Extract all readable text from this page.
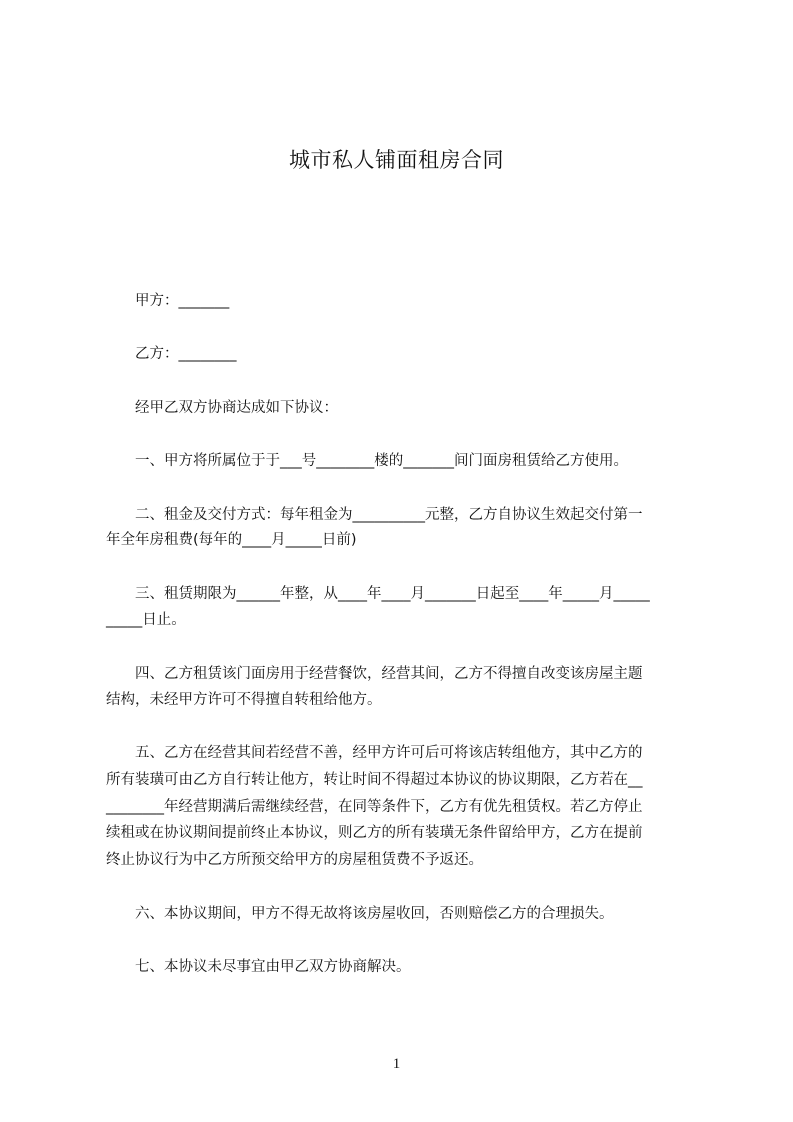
城市私人铺面租房合同
甲方：_______
乙方：________
经甲乙双方协商达成如下协议：
一、甲方将所属位于于___号________楼的_______间门面房租赁给乙方使用。
二、租金及交付方式：每年租金为__________元整，乙方自协议生效起交付第一
年全年房租费(每年的____月_____日前)
三、租赁期限为______年整，从____年____月_______日起至____年_____月_____
_____日止。
四、乙方租赁该门面房用于经营餐饮，经营其间，乙方不得擅自改变该房屋主题
结构，未经甲方许可不得擅自转租给他方。
五、乙方在经营其间若经营不善，经甲方许可后可将该店转组他方，其中乙方的
所有装璜可由乙方自行转让他方，转让时间不得超过本协议的协议期限，乙方若在__
________年经营期满后需继续经营，在同等条件下，乙方有优先租赁权。若乙方停止
续租或在协议期间提前终止本协议，则乙方的所有装璜无条件留给甲方，乙方在提前
终止协议行为中乙方所预交给甲方的房屋租赁费不予返还。
六、本协议期间，甲方不得无故将该房屋收回，否则赔偿乙方的合理损失。
七、本协议未尽事宜由甲乙双方协商解决。
1
